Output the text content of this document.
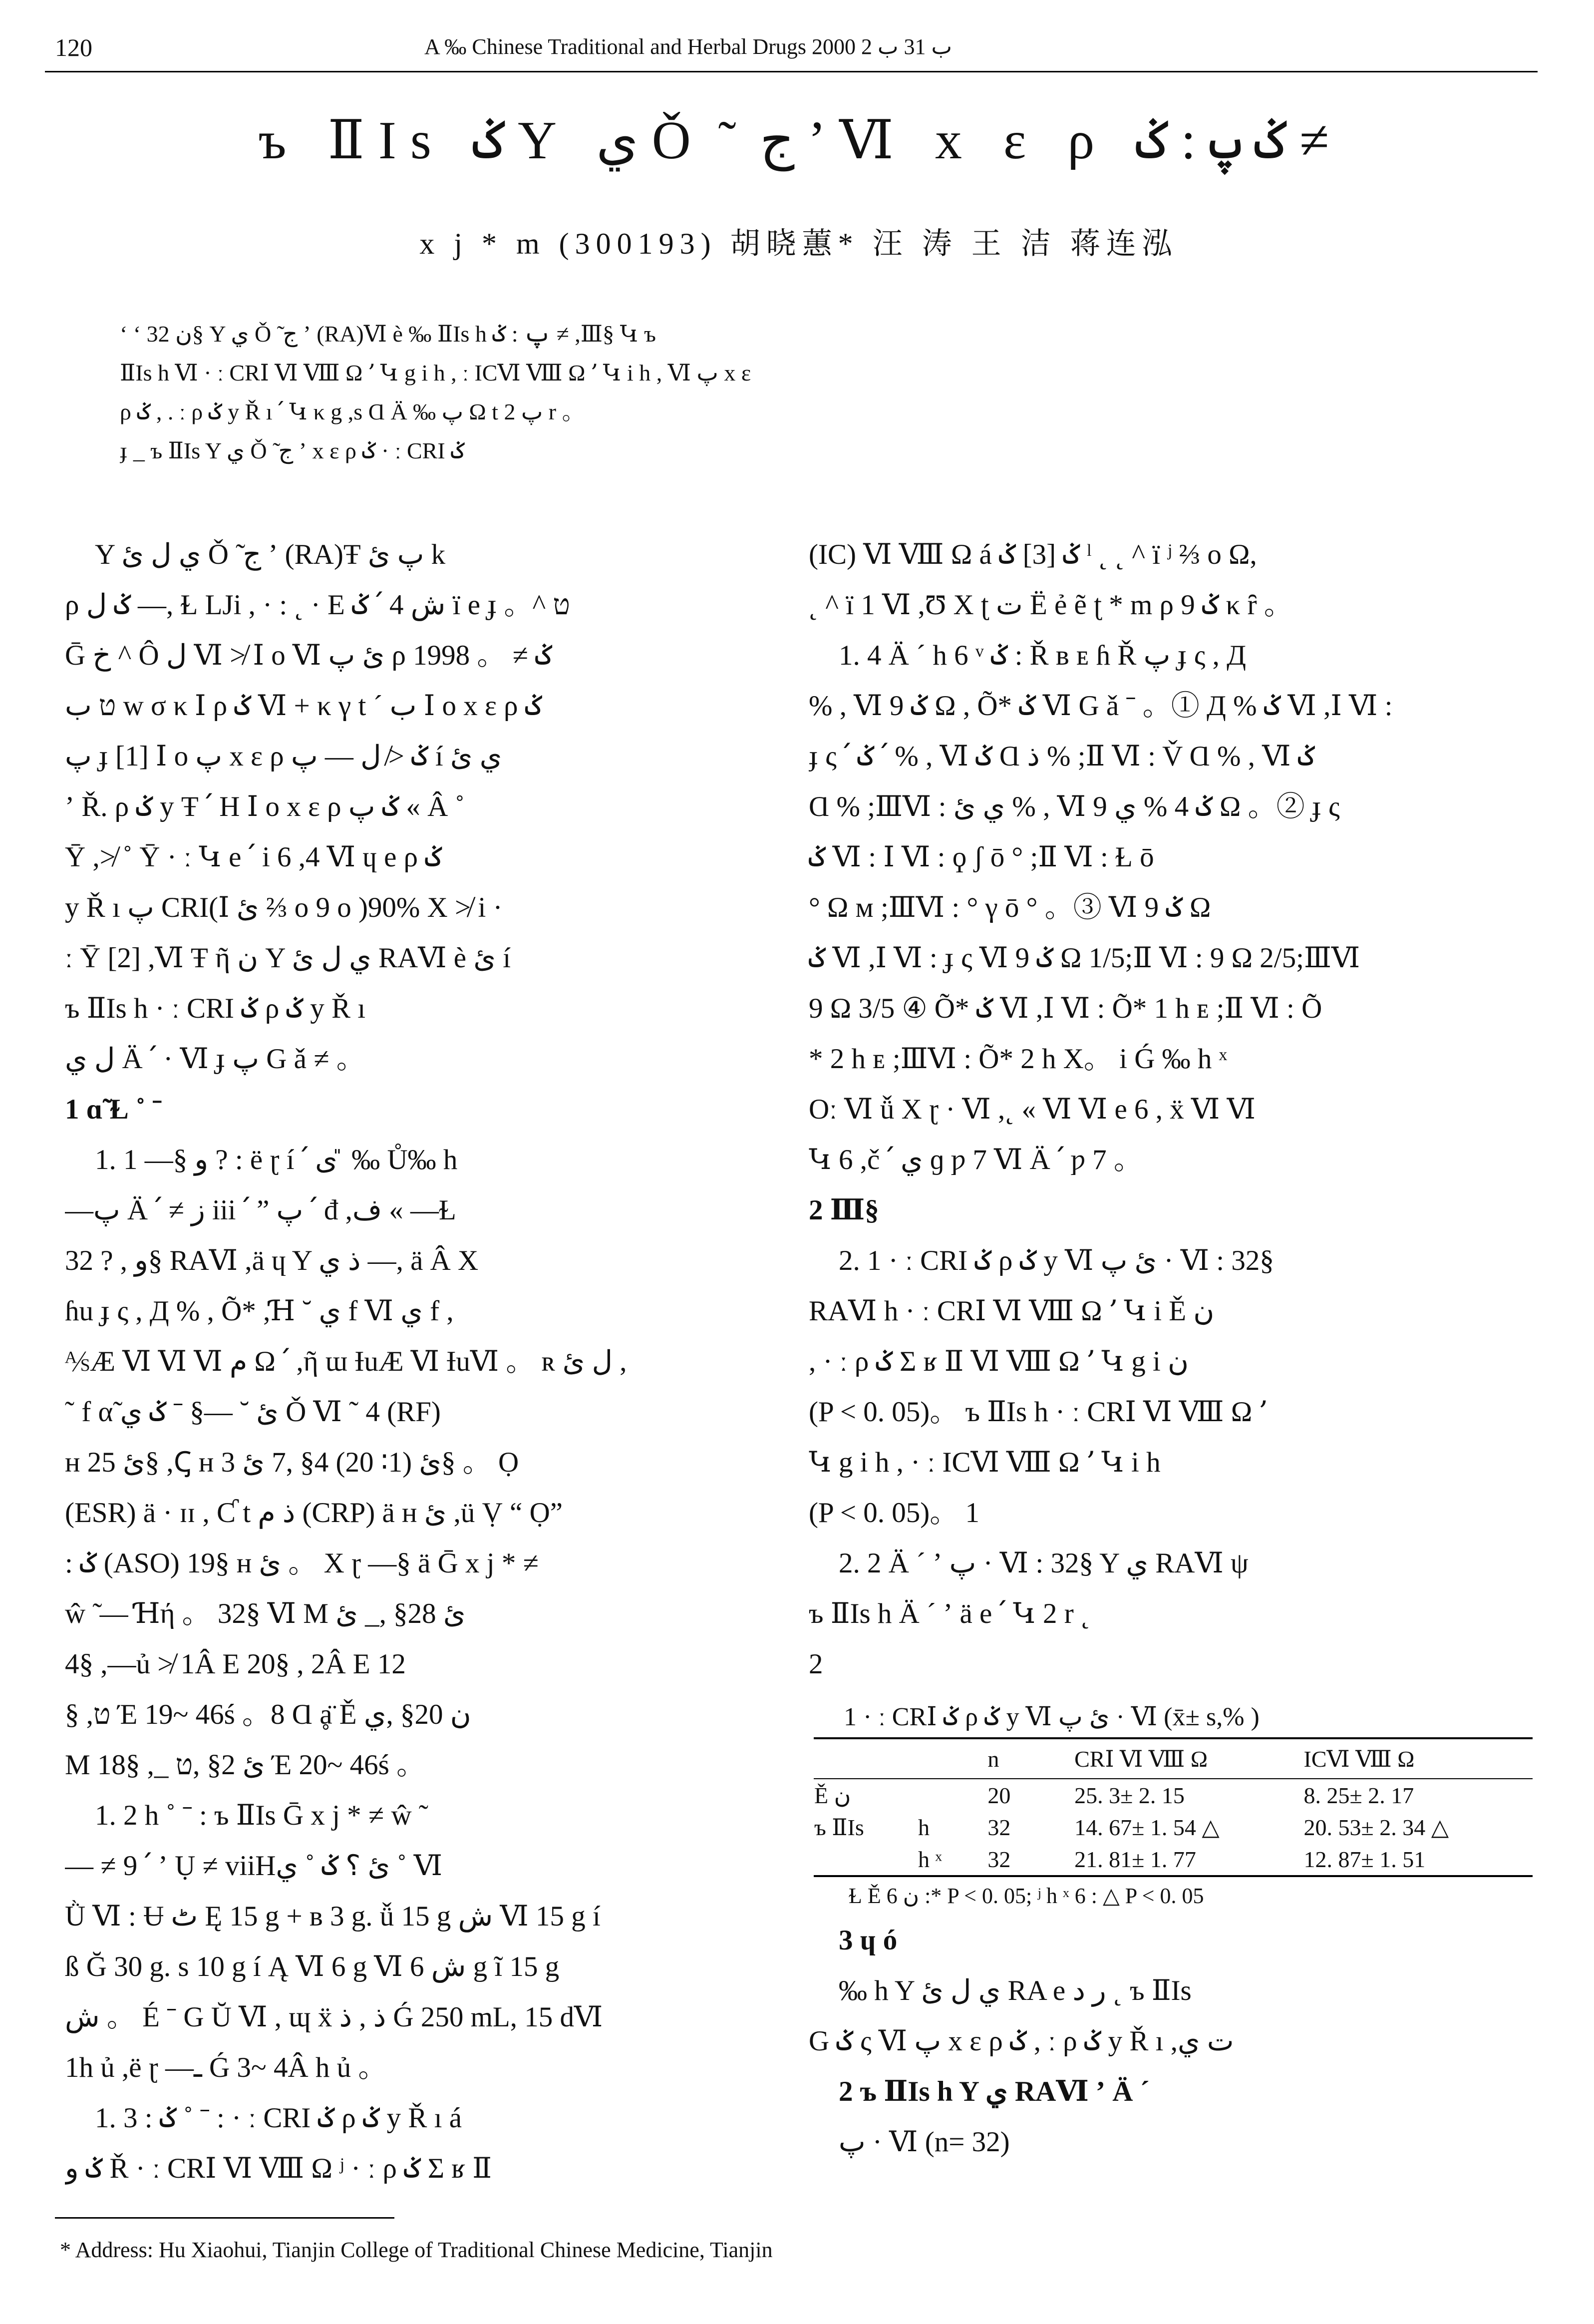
120	A ‰ Chinese Traditional and Herbal Drugs 2000 ب 31 ب 2
ъ ⅡIs ݢ Y ي Ǒ ̃ ج ʼ Ⅵ x ε ρ ݢ پ : ݢ ≠
x j * m (300193) 胡晓蕙* 汪 涛 王 洁 蒋连泓
ʻ ʻ ن 32§ Y ي Ǒ ̃ ج ʼ (RA)Ⅵ è ‰ ⅡIs h پ : ݢ ≠ ,Ⅲ§ Կ ъ
ⅡIs h Ⅵ · ː CRⅠ Ⅵ Ⅷ Ω ՚ Կ g i h , ː ICⅥ Ⅷ Ω ՚ Կ i h , Ⅵ پ x ε
ρ ݢ , . ː ρ ݢ y Ř ı ՛ Կ κ g ,s Ɑ Ä ‰ پ Ω t پ 2 r 。
ɟ _ ъ ⅡIs Y ي Ǒ ̃ ج ʼ x ε ρ ݢ · ː CRI ݢ
Y ي ل ئ Ǒ ̃ ج ʼ (RA)Ŧ پ ئ k
ρ ݢ ل —, Ɫ LJi , · : ˛ · E ݢ ՛ ش 4 ï e ɟ 。^ ט
Ḡ خ ^ Ô ل Ⅵ ≯ Ⅰ ο Ⅵ ئ پ ρ ݢ ≠ 。 1998
ט ب w σ κ Ⅰ ρ ݢ Ⅵ + κ γ t ˊ ب Ⅰ ο x ε ρ ݢ
پ ɟ [1] Ⅰ ο پ x ε ρ ݢ ≯ ل — پ í ي ئ
ʼ Ř. ρ ݢ y Ŧ ՛ H Ⅰ ο x ε ρ ݢ پ « Â ˚
Ῡ ,≯ ˚ Ῡ · ː Կ e ՛ i 6 ,4 Ⅵ ɥ e ρ ݢ
y Ř ı پ CRI(Ⅰ ئ ⅔ ο 9 ο )90% X ≯ i ·
ː Ῡ [2] ,Ⅵ Ŧ ῆ ن Y ي ل ئ RAⅥ è ئ í
ъ ⅡIs h · ː CRI ݢ ρ ݢ y Ř ı
ل ي Ä ՛ · Ⅵ ɟ پ G ǎ ≠ 。
1 ɑ̃ Ɫ ˚ ˉ
1. 1 —§ و ? : ë ɽ í ՛ ی ̎ ‰ Ů‰ h
—پ Ä ՛ ≠ ز iii ՛ ” پ ՛ đ ,ف « —Ɫ
و , ? 32§ RAⅥ ,ä ɥ Y ذ ي —, ä Â X
ɦu ɟ ς , Д % , Õ* ,Ɦ ˘ ي f Ⅵ ي f ,
⅍Æ Ⅵ Ⅵ Ⅵ م Ω ՛ ,ῆ ɯ ƗuÆ Ⅵ ƗuⅥ 。 ʀ ل ئ ,
˜ f α̃ ئ ˘ —§ ˉ ݢ ي Ǒ Ⅵ ˜ 4 (RF)
ʜ ئ 25§ ,Ꞔ ʜ ئ (1∶ 20) 4§ ,7 ئ 3§ 。 Ọ
(ESR) ä · ɪɪ , Ƈ t ذ م (CRP) ä ʜ ئ ,ü Ṿ “ Ọ”
: ݢ (ASO) 19§ ʜ ئ 。 X ɽ —§ ä Ḡ x j * ≠
ŵ ̃ — Ɦή 。 32§ Ⅵ M ئ 28§ ,_ ئ
4§ ,—ủ ≯ 1Â E 20§ , 2Â E 12
§ ,ט Έ 19~ 46ś 。8 Ɑ ḁ̈ Ě ن 20§ ,ي
M 18§ ,_ ئ 2§ ,ט Έ 20~ 46ś 。
1. 2 h ˚ ˉ : ъ ⅡIs Ḡ x j * ≠ ŵ ̃
— ≠ 9 ՛ ʼ Ụ ≠ viiHئ ؟ ݢ ˚ ي ˚ Ⅵ
Ǜ Ⅵ : Ʉ ٹ Ę 15 g + ʙ 3 g. ǚ 15 g ش Ⅵ 15 g í
ß Ğ 30 g. s 10 g í Ą Ⅵ 6 g Ⅵ ش 6 g ĩ 15 g
ش 。 É ˉ G Ŭ Ⅵ , ɰ ẍ ذ , ذ Ǵ 250 mL, 15 dⅥ
1h ủ ,ë ɽ —ـ Ǵ 3~ 4Â h ủ 。
1. 3 : ݢ ˚ ˉ : · ː CRI ݢ ρ ݢ y Ř ı á
ݢ و Ř · ː CRⅠ Ⅵ Ⅷ Ω ʲ · ː ρ ݢ Σ ʁ Ⅱ
(IC) Ⅵ Ⅷ Ω á ݢ [3] ݢ ˡ ˛ ˛ ^ ï ʲ ⅔ ο Ω,
˛ ^ ï 1 Ⅵ ,Ʊ X ʈ ت Ë ẻ ẽ ʈ * m ρ ݢ 9 κ ȓ 。
1. 4 Ä ˊ h 6 ᵛ ݢ : Ř ʙ ᴇ ɦ Ř پ ɟ ς , Д
% , Ⅵ ݢ 9 Ω , Õ* ݢ Ⅵ G ǎ ˉ 。① Д % ݢ Ⅵ ,Ⅰ Ⅵ :
ɟ ς ՛ ݢ ՛ % , Ⅵ ݢ Ɑ ذ % ;Ⅱ Ⅵ : V̌ Ɑ % , Ⅵ ݢ
Ɑ % ;ⅢⅥ : ي ئ % , Ⅵ ݢ 4 % ي 9 Ω 。② ɟ ς
ݢ Ⅵ : Ⅰ Ⅵ : ϙ ʃ ō ° ;Ⅱ Ⅵ : Ɫ ō
° Ω ᴍ ;ⅢⅥ : ° γ ō ° 。③ Ⅵ ݢ 9 Ω
ݢ Ⅵ ,Ⅰ Ⅵ : ɟ ς Ⅵ ݢ 9 Ω 1/5;Ⅱ Ⅵ : 9 Ω 2/5;ⅢⅥ
9 Ω 3/5 ④ Õ* ݢ Ⅵ ,Ⅰ Ⅵ : Õ* 1 h ᴇ ;Ⅱ Ⅵ : Õ
* 2 h ᴇ ;ⅢⅥ : Õ* 2 h X。 i Ǵ ‰ h ˣ
Oː Ⅵ ǚ X ɽ · Ⅵ ,˛ « Ⅵ Ⅵ e 6 , ẍ Ⅵ Ⅵ
Կ 6 ,č ՛ ي ɡ ƿ 7 Ⅵ Ä ՛ ƿ 7 。
2 Ⅲ§
2. 1 · ː CRI ݢ ρ ݢ y Ⅵ ئ پ · Ⅵ : 32§
RAⅥ h · ː CRⅠ Ⅵ Ⅷ Ω ՚ Կ i Ě ن
, · ː ρ ݢ Σ ʁ Ⅱ Ⅵ Ⅷ Ω ՚ Կ g i ن
(P < 0. 05)。 ъ ⅡIs h · ː CRⅠ Ⅵ Ⅷ Ω ՚
Կ g i h , · ː ICⅥ Ⅷ Ω ՚ Կ i h
(P < 0. 05)。 1
2. 2 Ä ˊ ʼ پ · Ⅵ : 32§ Y ي RAⅥ ψ
ъ ⅡIs h Ä ˊ ʼ ä e ՛ Կ 2 r ˛
2
1 · ː CRⅠ ݢ ρ ݢ y Ⅵ ئ پ · Ⅵ (x̄± s,% )
		n	CRⅠ Ⅵ Ⅷ Ω	ICⅥ Ⅷ Ω
Ě ن		20	25. 3± 2. 15	8. 25± 2. 17
ъ ⅡIs	h	32	14. 67± 1. 54 △	20. 53± 2. 34 △
	h ˣ	32	21. 81± 1. 77	12. 87± 1. 51
Ɫ Ě ن 6 :* P < 0. 05; ʲ h ˣ 6 : △ P < 0. 05
3 ɥ ó
‰ h Y ي ل ئ RA e ر د ˛ ъ ⅡIs
G ݢ ς Ⅵ پ x ε ρ ݢ , ː ρ ݢ y Ř ı ,ت ي
2 ъ ⅡIs h Y ي RAⅥ ʼ Ä ˊ
پ · Ⅵ (n= 32)
* Address: Hu Xiaohui, Tianjin College of Traditional Chinese Medicine, Tianjin
